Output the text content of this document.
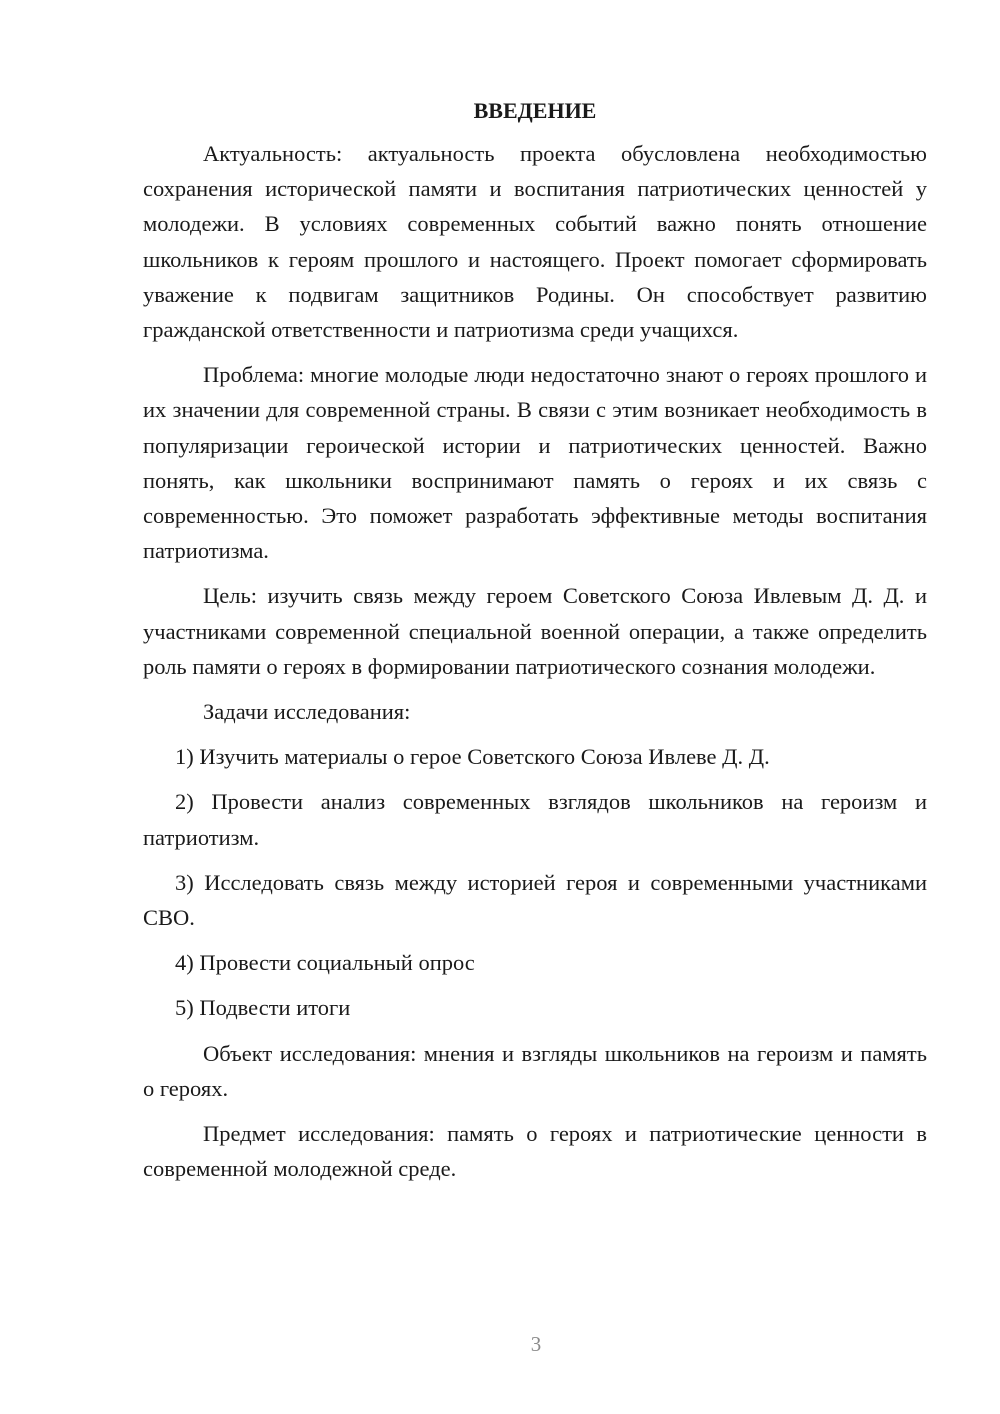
ВВЕДЕНИЕ

Актуальность: актуальность проекта обусловлена необходимостью сохранения исторической памяти и воспитания патриотических ценностей у молодежи. В условиях современных событий важно понять отношение школьников к героям прошлого и настоящего. Проект помогает сформировать уважение к подвигам защитников Родины. Он способствует развитию гражданской ответственности и патриотизма среди учащихся.

Проблема: многие молодые люди недостаточно знают о героях прошлого и их значении для современной страны. В связи с этим возникает необходимость в популяризации героической истории и патриотических ценностей. Важно понять, как школьники воспринимают память о героях и их связь с современностью. Это поможет разработать эффективные методы воспитания патриотизма.

Цель: изучить связь между героем Советского Союза Ивлевым Д. Д. и участниками современной специальной военной операции, а также определить роль памяти о героях в формировании патриотического сознания молодежи.

Задачи исследования:

1) Изучить материалы о герое Советского Союза Ивлеве Д. Д.

2) Провести анализ современных взглядов школьников на героизм и патриотизм.

3) Исследовать связь между историей героя и современными участниками СВО.

4) Провести социальный опрос

5) Подвести итоги

Объект исследования: мнения и взгляды школьников на героизм и память о героях.

Предмет исследования: память о героях и патриотические ценности в современной молодежной среде.

3
